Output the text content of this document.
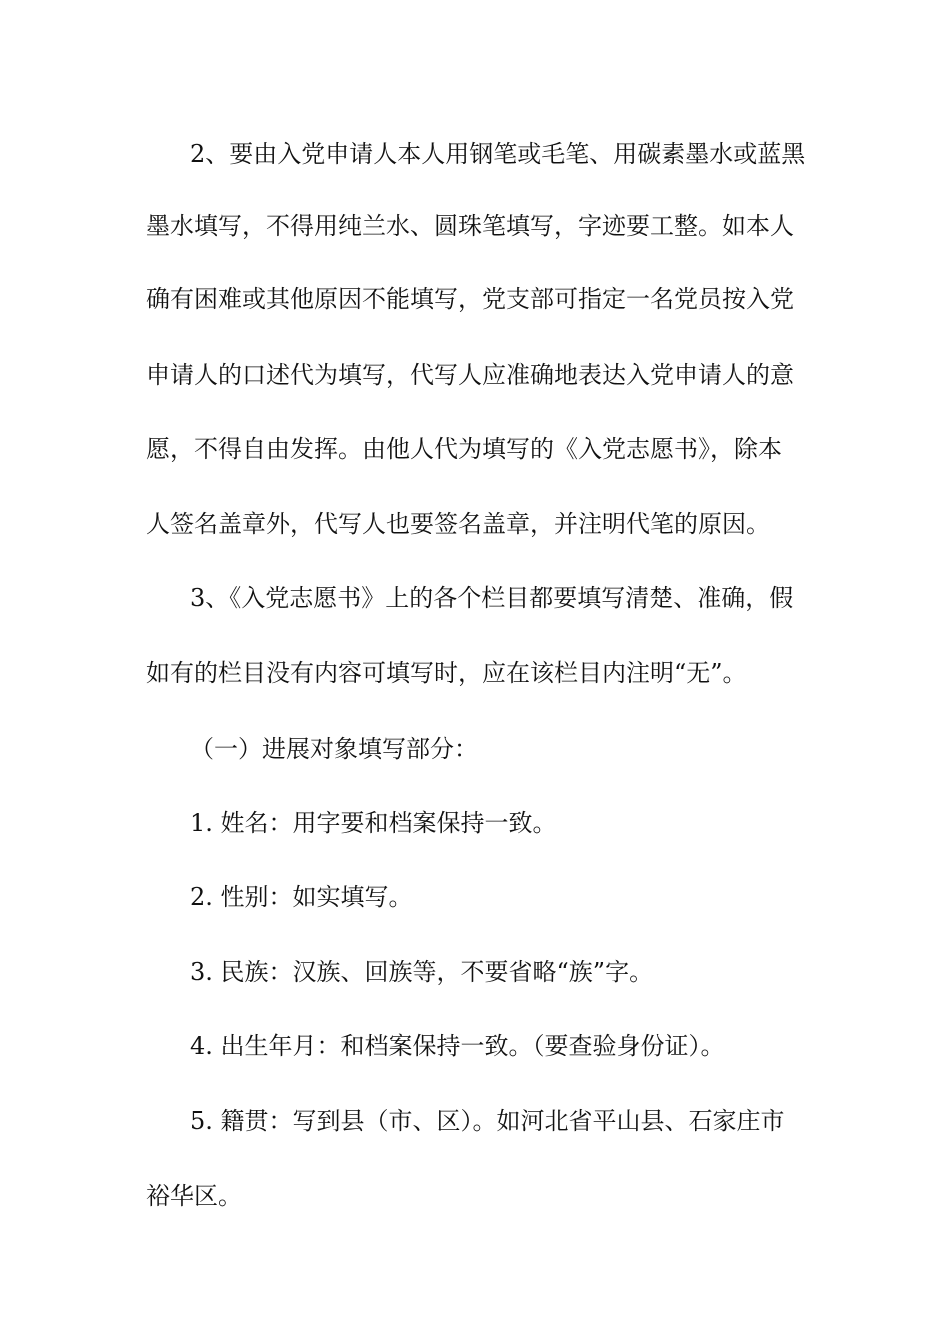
2、要由入党申请人本人用钢笔或毛笔、用碳素墨水或蓝黑
墨水填写，不得用纯兰水、圆珠笔填写，字迹要工整。如本人
确有困难或其他原因不能填写，党支部可指定一名党员按入党
申请人的口述代为填写，代写人应准确地表达入党申请人的意
愿，不得自由发挥。由他人代为填写的《入党志愿书》，除本
人签名盖章外，代写人也要签名盖章，并注明代笔的原因。
3、《入党志愿书》上的各个栏目都要填写清楚、准确，假
如有的栏目没有内容可填写时，应在该栏目内注明“无”。
（一）进展对象填写部分：
1. 姓名：用字要和档案保持一致。
2. 性别：如实填写。
3. 民族：汉族、回族等，不要省略“族”字。
4. 出生年月：和档案保持一致。（要查验身份证）。
5. 籍贯：写到县（市、区）。如河北省平山县、石家庄市
裕华区。
